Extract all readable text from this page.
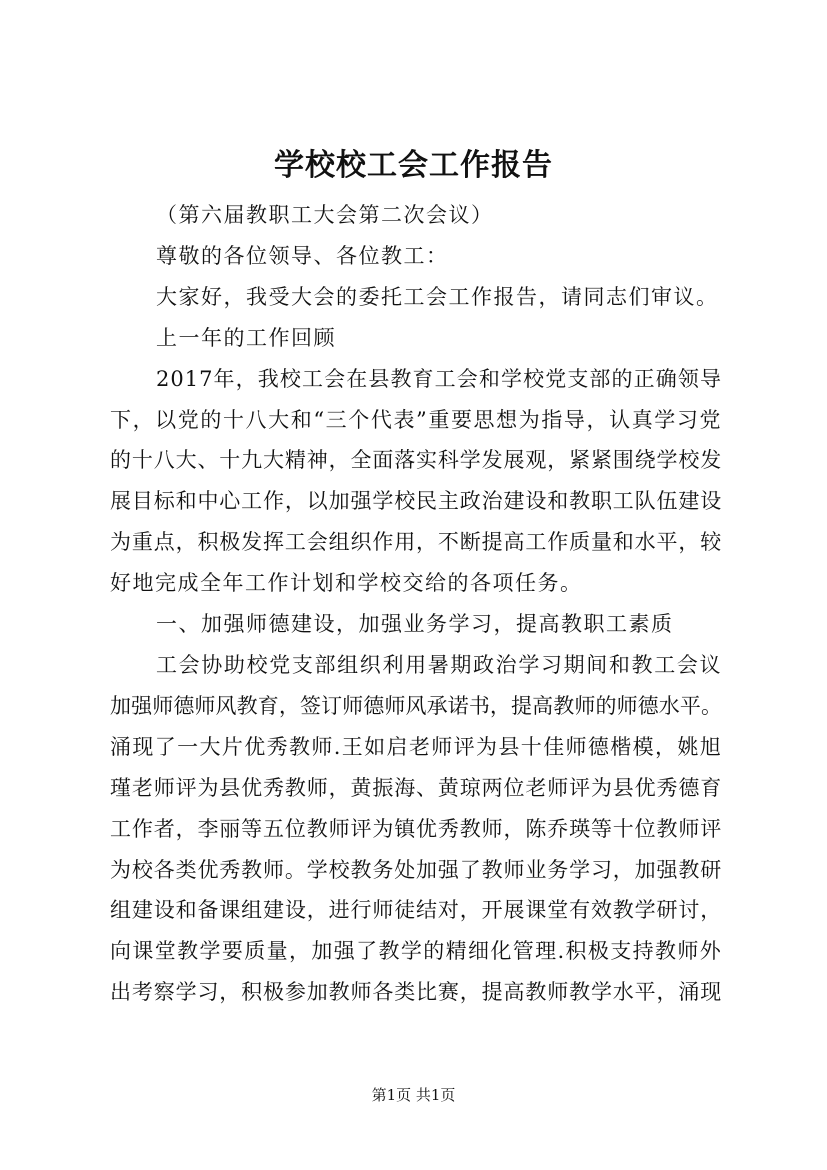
学校校工会工作报告

（第六届教职工大会第二次会议）

尊敬的各位领导、各位教工：

大家好，我受大会的委托工会工作报告，请同志们审议。

上一年的工作回顾

2017年，我校工会在县教育工会和学校党支部的正确领导

下，以党的十八大和“三个代表”重要思想为指导，认真学习党

的十八大、十九大精神，全面落实科学发展观，紧紧围绕学校发

展目标和中心工作，以加强学校民主政治建设和教职工队伍建设

为重点，积极发挥工会组织作用，不断提高工作质量和水平，较

好地完成全年工作计划和学校交给的各项任务。

一、加强师德建设，加强业务学习，提高教职工素质

工会协助校党支部组织利用暑期政治学习期间和教工会议

加强师德师风教育，签订师德师风承诺书，提高教师的师德水平。

涌现了一大片优秀教师.王如启老师评为县十佳师德楷模，姚旭

瑾老师评为县优秀教师，黄振海、黄琼两位老师评为县优秀德育

工作者，李丽等五位教师评为镇优秀教师，陈乔瑛等十位教师评

为校各类优秀教师。学校教务处加强了教师业务学习，加强教研

组建设和备课组建设，进行师徒结对，开展课堂有效教学研讨，

向课堂教学要质量，加强了教学的精细化管理.积极支持教师外

出考察学习，积极参加教师各类比赛，提高教师教学水平，涌现

第1页 共1页
